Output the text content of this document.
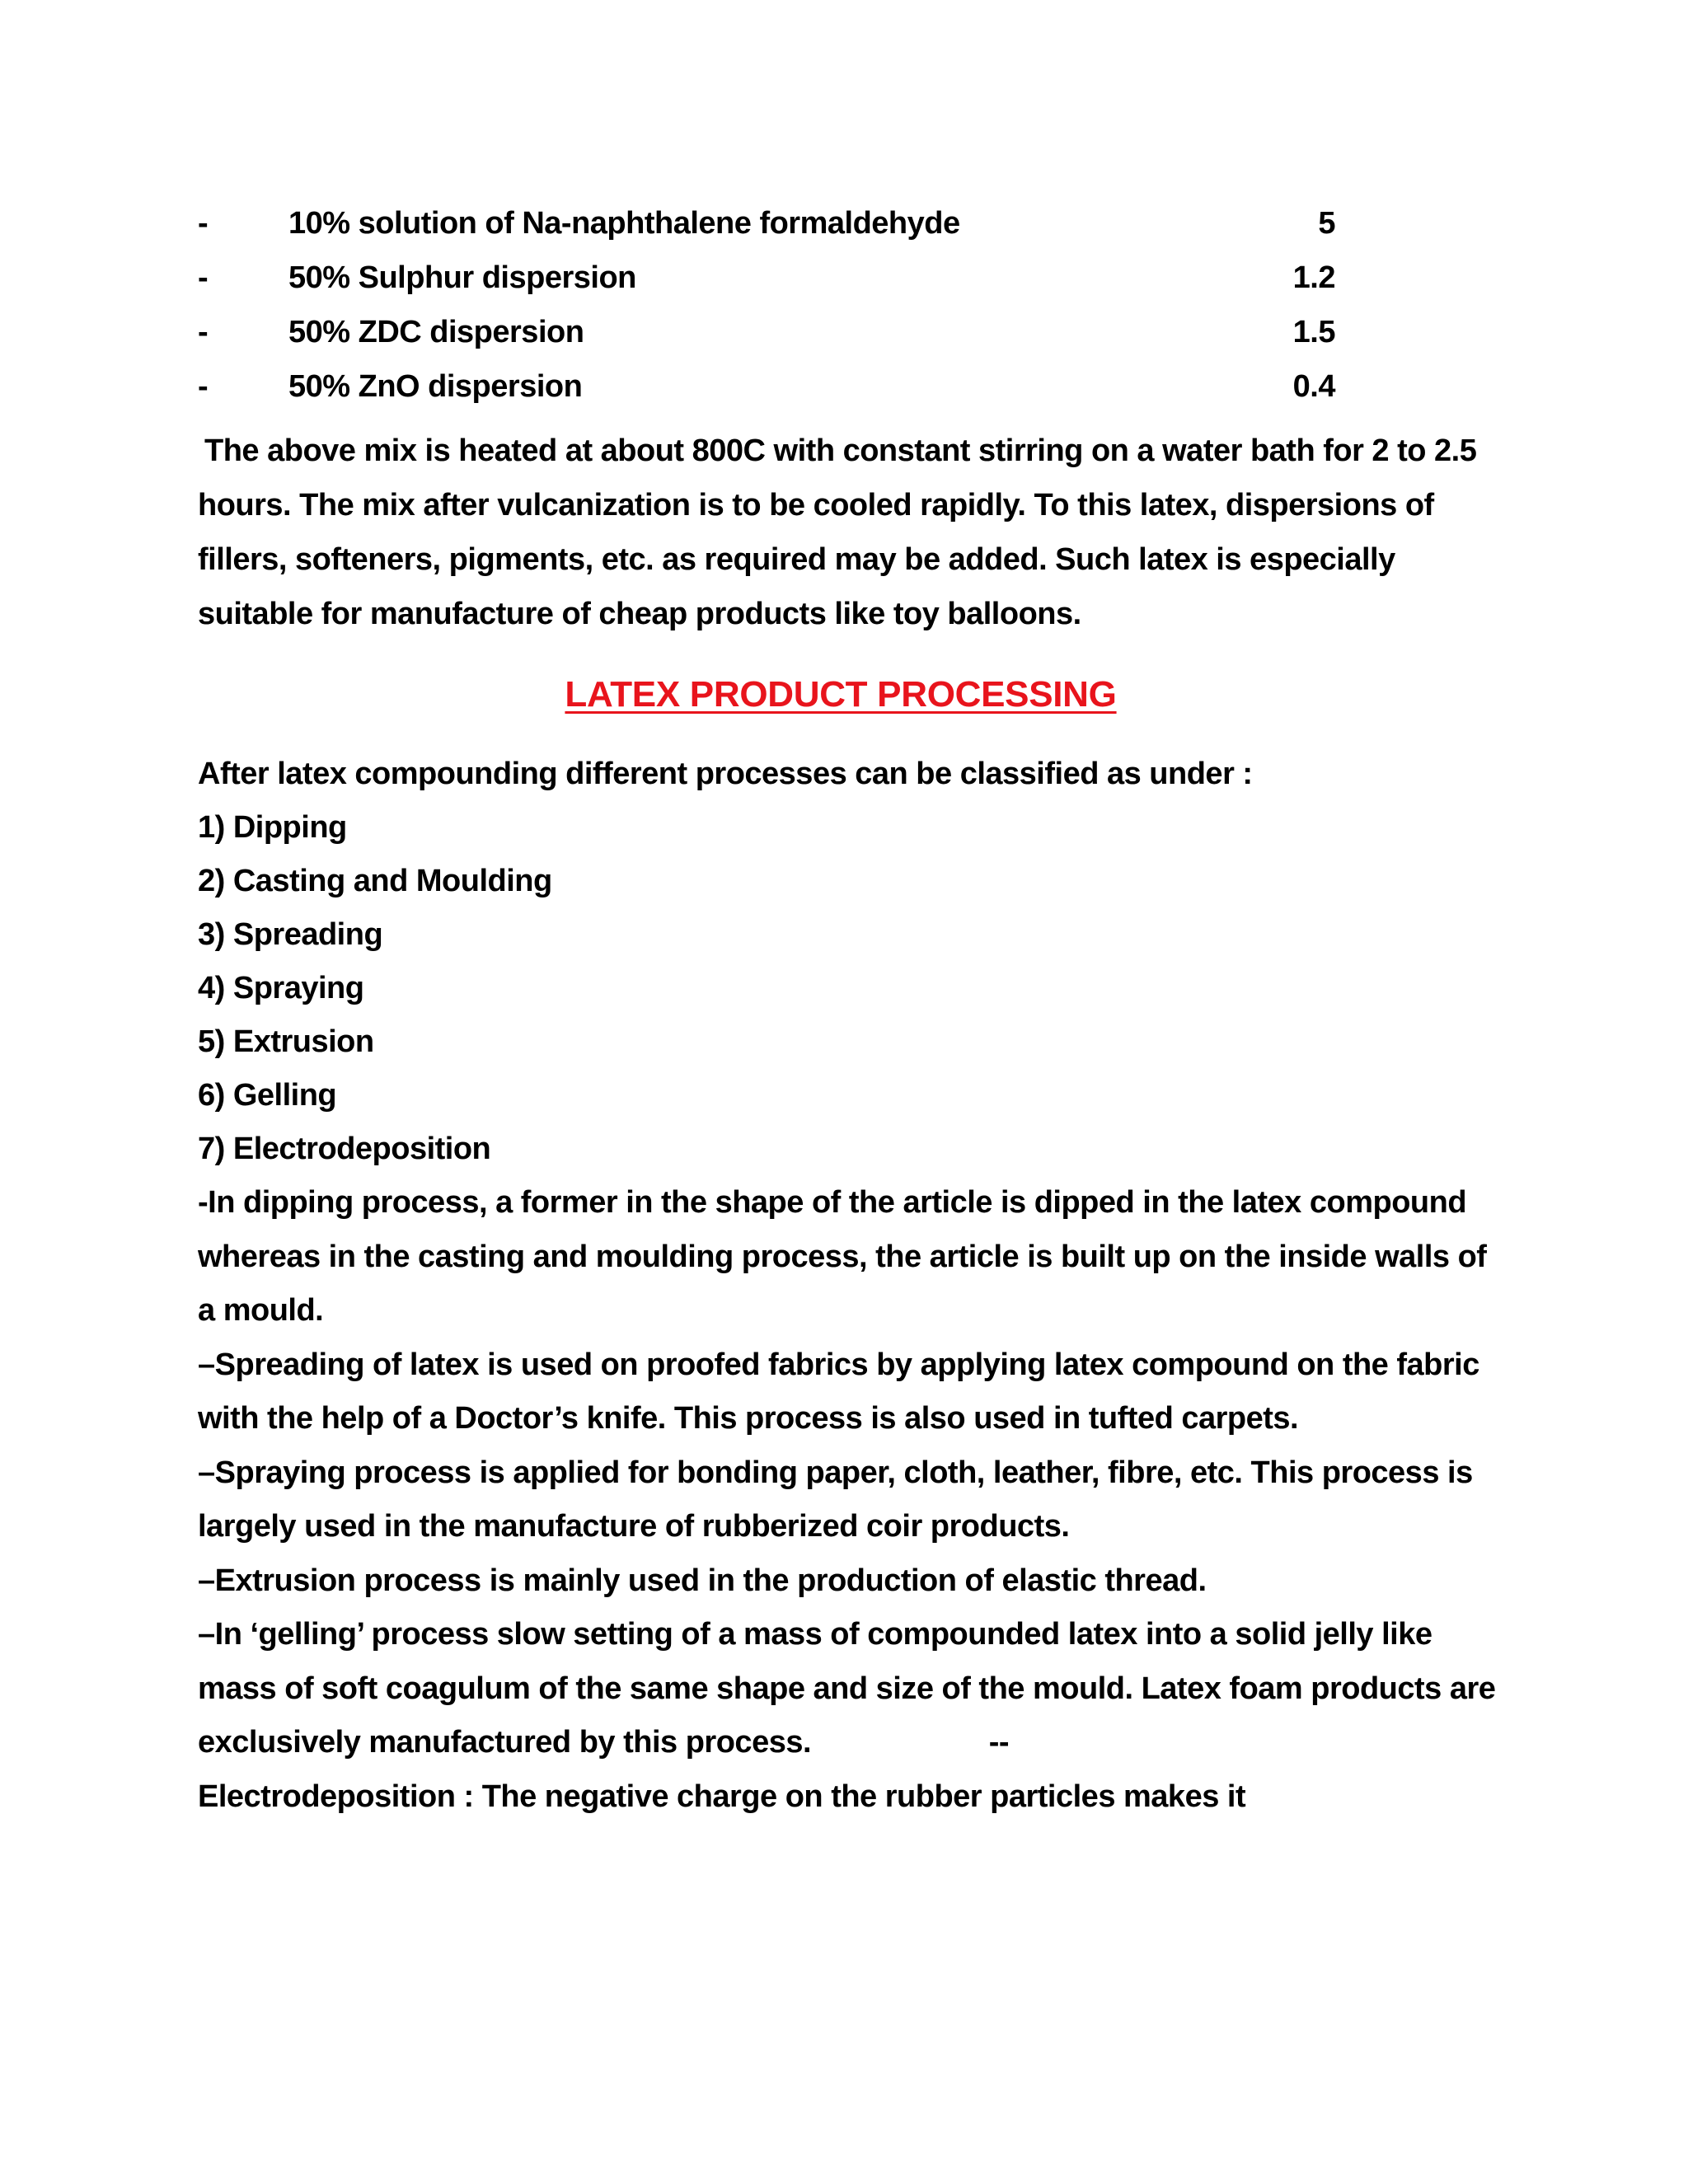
-	10% solution of Na-naphthalene formaldehyde	5
-	50% Sulphur dispersion	1.2
-	50% ZDC dispersion	1.5
-	50% ZnO dispersion	0.4

The above mix is heated at about 800C with constant stirring on a water bath for 2 to 2.5 hours. The mix after vulcanization is to be cooled rapidly. To this latex, dispersions of fillers, softeners, pigments, etc. as required may be added. Such latex is especially suitable for manufacture of cheap products like toy balloons.

LATEX PRODUCT PROCESSING

After latex compounding different processes can be classified as under :

1) Dipping
2) Casting and Moulding
3) Spreading
4) Spraying
5) Extrusion
6) Gelling
7) Electrodeposition

-In dipping process, a former in the shape of the article is dipped in the latex compound whereas in the casting and moulding process, the article is built up on the inside walls of a mould.

–Spreading of latex is used on proofed fabrics by applying latex compound on the fabric with the help of a Doctor’s knife. This process is also used in tufted carpets.

–Spraying process is applied for bonding paper, cloth, leather, fibre, etc. This process is largely used in the manufacture of rubberized coir products.

–Extrusion process is mainly used in the production of elastic thread.

–In ‘gelling’ process slow setting of a mass of compounded latex into a solid jelly like mass of soft coagulum of the same shape and size of the mould. Latex foam products are exclusively manufactured by this process.	--

Electrodeposition : The negative charge on the rubber particles makes it
